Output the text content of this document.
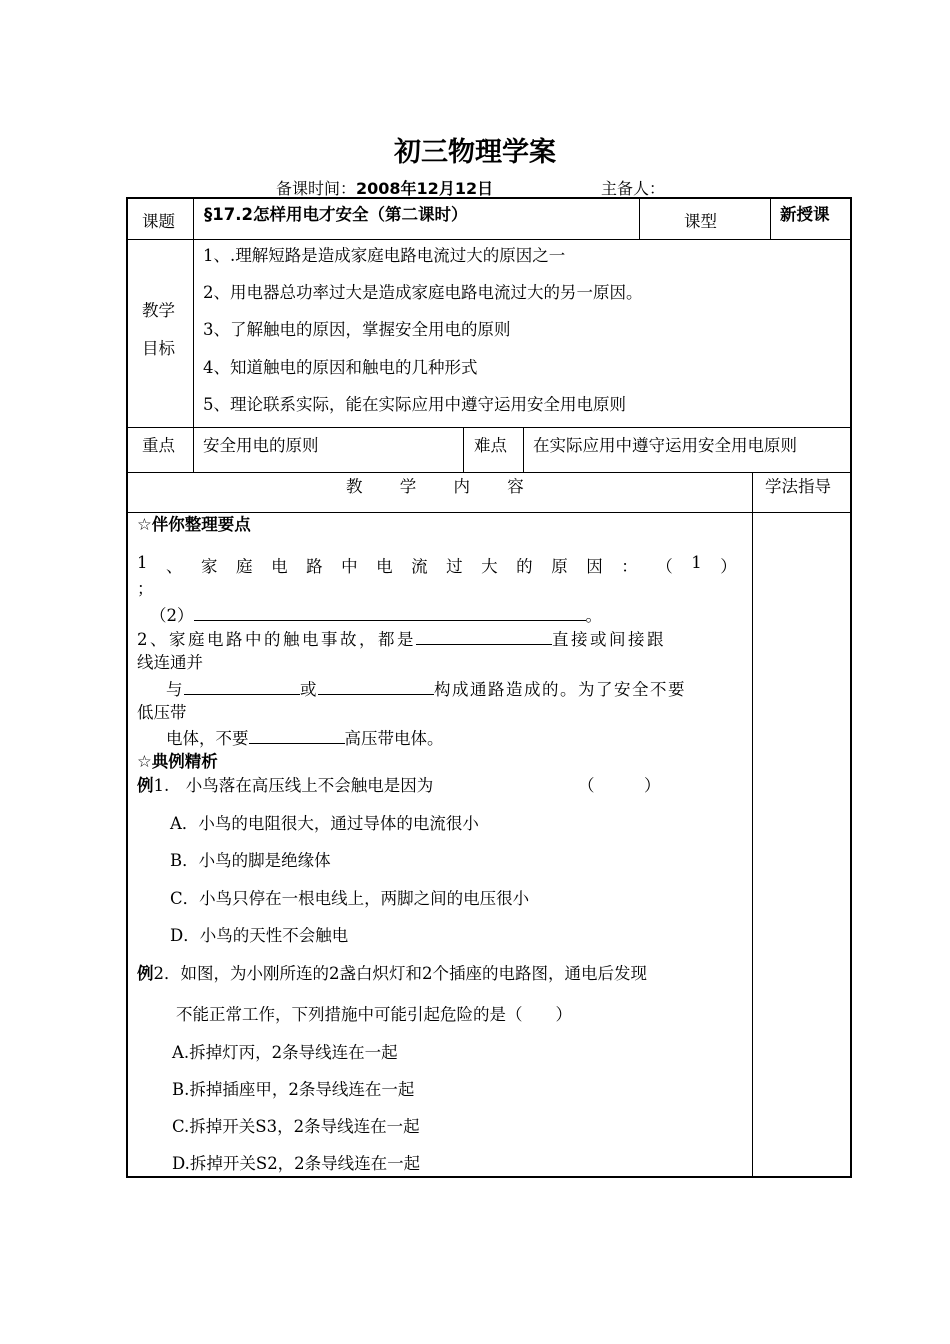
初三物理学案
备课时间：2008年12月12日	主备人：
课题 §17.2怎样用电才安全（第二课时）	课型	新授课
教学
目标
1、.理解短路是造成家庭电路电流过大的原因之一
2、用电器总功率过大是造成家庭电路电流过大的另一原因。
3、了解触电的原因，掌握安全用电的原则
4、知道触电的原因和触电的几种形式
5、理论联系实际，能在实际应用中遵守运用安全用电原则
重点 安全用电的原则	难点 在实际应用中遵守运用安全用电原则
教 学 内 容	学法指导
☆伴你整理要点
1 、 家 庭 电 路 中 电 流 过 大 的 原 因 ： （ 1 ）
；
（2）	。
2、家庭电路中的触电事故，都是	直接或间接跟
线连通并
与	或	构成通路造成的。为了安全不要
低压带
电体，不要	高压带电体。
☆典例精析
例1.　小鸟落在高压线上不会触电是因为	（　　　）
A．小鸟的电阻很大，通过导体的电流很小
B．小鸟的脚是绝缘体
C．小鸟只停在一根电线上，两脚之间的电压很小
D．小鸟的天性不会触电
例2．如图，为小刚所连的2盏白炽灯和2个插座的电路图，通电后发现
不能正常工作，下列措施中可能引起危险的是（　　）
A.拆掉灯丙，2条导线连在一起
B.拆掉插座甲，2条导线连在一起
C.拆掉开关S3，2条导线连在一起
D.拆掉开关S2，2条导线连在一起
